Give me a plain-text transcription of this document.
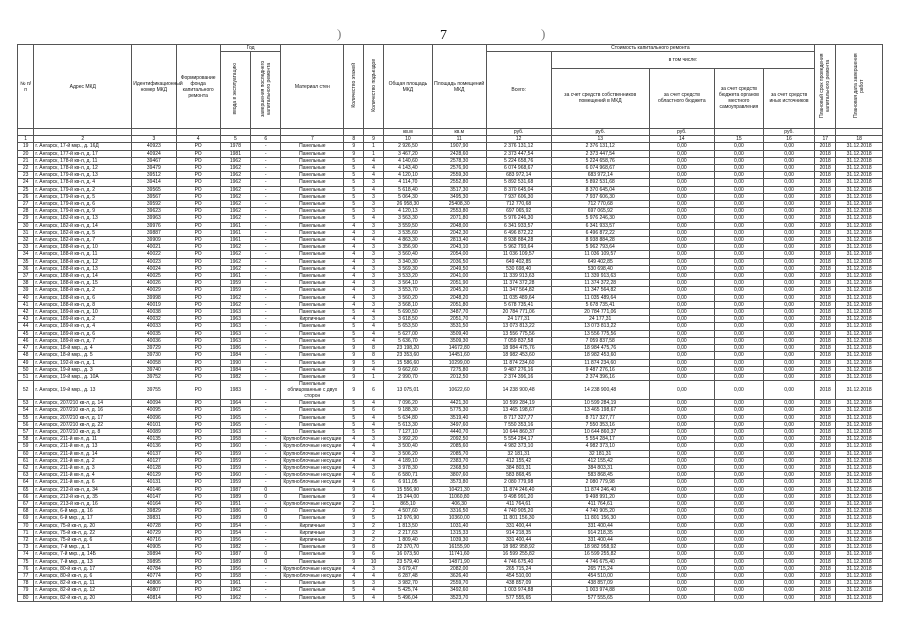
)	7	)
№ п/п	Адрес МКД	Идентификационный номер МКД	Формирование фонда капитального ремонта	Год		Материал стен	Количество этажей	Количество подъездов	Общая площадь МКД	Площадь помещений МКД	Стоимость капитального ремонта					Плановый срок проведения капитального ремонта	Плановая дата завершения работ
				ввода в эксплуатацию	завершения последнего капитального ремонта						Всего:	в том числе:					
												за счет средств собственников помещений в МКД	за счет средств областного бюджета	за счет средств бюджета органов местного самоуправления	за счет средств иных источников		
									кв.м	кв.м	руб.	руб.	руб.		руб.		
1	2	3	4	5	6	7	8	9	10	11	12	13	14	15	16	17	18
19	г. Ангарск, 17-й мкр., д. 16Д	40923	РО	1978	-	Панельные	9	1	2 926,50	1907,90	2 376 131,12	2 376 131,12	0,00	0,00	0,00	2018	31.12.2018
20	г. Ангарск, 177-й кв-л, д. 17	40924	РО	1981	-	Панельные	9	1	3 467,20	2428,60	2 373 447,54	2 373 447,54	0,00	0,00	0,00	2018	31.12.2018
21	г. Ангарск, 178-й кв-л, д. 11	39467	РО	1962	-	Панельные	5	4	4 140,60	2578,30	5 224 658,76	5 224 658,76	0,00	0,00	0,00	2018	31.12.2018
22	г. Ангарск, 178-й кв-л, д. 12	39479	РО	1962	-	Панельные	5	4	4 143,40	2576,90	6 074 968,67	6 074 968,67	0,00	0,00	0,00	2018	31.12.2018
23	г. Ангарск, 179-й кв-л, д. 13	39512	РО	1962	-	Панельные	5	4	4 120,10	2559,30	683 972,14	683 972,14	0,00	0,00	0,00	2018	31.12.2018
24	г. Ангарск, 178-й кв-л, д. 4	39414	РО	1962	-	Панельные	5	3	4 114,70	2552,80	5 892 531,68	5 892 531,68	0,00	0,00	0,00	2018	31.12.2018
25	г. Ангарск, 179-й кв-л, д. 2	39565	РО	1962	-	Панельные	5	4	5 618,40	3517,30	8 370 645,04	8 370 645,04	0,00	0,00	0,00	2018	31.12.2018
26	г. Ангарск, 179-й кв-л, д. 5	39567	РО	1962	-	Панельные	5	3	5 064,30	3495,30	7 937 606,30	7 937 606,30	0,00	0,00	0,00	2018	31.12.2018
27	г. Ангарск, 179-й кв-л, д. 6	39592	РО	1962	-	Панельные	5	3	26 958,30	25408,30	712 770,68	712 770,68	0,00	0,00	0,00	2018	31.12.2018
28	г. Ангарск, 179-й кв-л, д. 9	39623	РО	1962	-	Панельные	5	3	4 120,13	2553,80	697 065,92	697 065,92	0,00	0,00	0,00	2018	31.12.2018
29	г. Ангарск, 182-й кв-л, д. 13	39963	РО	1962	-	Панельные	5	4	3 563,30	2071,80	5 976 246,30	5 976 246,30	0,00	0,00	0,00	2018	31.12.2018
30	г. Ангарск, 182-й кв-л, д. 14	39976	РО	1961	-	Панельные	4	3	3 559,50	2048,00	6 341 933,57	6 341 933,57	0,00	0,00	0,00	2018	31.12.2018
31	г. Ангарск, 182-й кв-л, д. 5	39887	РО	1961	-	Панельные	4	3	3 535,60	2042,30	6 496 872,22	6 496 872,22	0,00	0,00	0,00	2018	31.12.2018
32	г. Ангарск, 182-й кв-л, д. 7	39909	РО	1961	-	Панельные	4	4	4 863,30	2813,40	8 938 884,28	8 938 884,28	0,00	0,00	0,00	2018	31.12.2018
33	г. Ангарск, 188-й кв-л, д. 10	40021	РО	1962	-	Панельные	4	3	3 356,90	2043,10	5 962 793,64	5 962 793,64	0,00	0,00	0,00	2018	31.12.2018
34	г. Ангарск, 188-й кв-л, д. 11	40022	РО	1962	-	Панельные	4	3	3 560,40	2054,00	11 036 109,57	11 036 109,57	0,00	0,00	0,00	2018	31.12.2018
35	г. Ангарск, 188-й кв-л, д. 12	40023	РО	1962	-	Панельные	4	3	3 340,30	2036,50	649 402,85	649 402,85	0,00	0,00	0,00	2018	31.12.2018
36	г. Ангарск, 188-й кв-л, д. 13	40024	РО	1962	-	Панельные	4	3	3 569,30	2049,50	530 698,40	530 698,40	0,00	0,00	0,00	2018	31.12.2018
37	г. Ангарск, 188-й кв-л, д. 14	40025	РО	1961	-	Панельные	4	3	3 533,20	2041,00	11 339 913,63	11 339 913,63	0,00	0,00	0,00	2018	31.12.2018
38	г. Ангарск, 188-й кв-л, д. 15	40026	РО	1959	-	Панельные	4	3	3 564,10	2051,90	11 374 372,28	11 374 372,28	0,00	0,00	0,00	2018	31.12.2018
39	г. Ангарск, 188-й кв-л, д. 2	40029	РО	1959	-	Панельные	4	3	3 553,70	2045,20	11 347 564,82	11 347 564,82	0,00	0,00	0,00	2018	31.12.2018
40	г. Ангарск, 188-й кв-л, д. 6	39998	РО	1962	-	Панельные	4	3	3 560,20	2048,20	11 035 489,64	11 035 489,64	0,00	0,00	0,00	2018	31.12.2018
41	г. Ангарск, 188-й кв-л, д. 8	40019	РО	1962	-	Панельные	4	3	3 568,10	2051,80	5 678 735,41	5 678 735,41	0,00	0,00	0,00	2018	31.12.2018
42	г. Ангарск, 189-й кв-л, д. 10	40038	РО	1963	-	Панельные	5	4	5 690,50	3487,70	20 784 771,06	20 784 771,06	0,00	0,00	0,00	2018	31.12.2018
43	г. Ангарск, 189-й кв-л, д. 2	40032	РО	1963	-	Кирпичные	4	3	3 618,50	2051,70	24 177,31	24 177,31	0,00	0,00	0,00	2018	31.12.2018
44	г. Ангарск, 189-й кв-л, д. 4	40033	РО	1963	-	Панельные	5	4	5 653,50	3531,50	13 073 813,22	13 073 813,22	0,00	0,00	0,00	2018	31.12.2018
45	г. Ангарск, 189-й кв-л, д. 6	40035	РО	1963	-	Панельные	5	4	5 627,00	3509,40	13 556 775,56	13 556 775,56	0,00	0,00	0,00	2018	31.12.2018
46	г. Ангарск, 189-й кв-л, д. 7	40036	РО	1963	-	Панельные	5	4	5 636,70	3509,30	7 059 837,58	7 059 837,58	0,00	0,00	0,00	2018	31.12.2018
47	г. Ангарск, 18-й мкр., д. 4	39729	РО	1986	-	Панельные	9	8	23 198,20	14672,80	18 984 475,76	18 984 475,76	0,00	0,00	0,00	2018	31.12.2018
48	г. Ангарск, 18-й мкр., д. 5	39730	РО	1984	-	Панельные	9	8	23 353,60	14451,60	18 982 453,60	18 982 453,60	0,00	0,00	0,00	2018	31.12.2018
49	г. Ангарск, 192-й кв-л, д. 1	40058	РО	1990	-	Панельные	9	5	15 586,60	10299,00	11 874 234,60	11 874 234,60	0,00	0,00	0,00	2018	31.12.2018
50	г. Ангарск, 19-й мкр., д. 3	39740	РО	1984	-	Панельные	9	4	9 662,60	7275,80	9 487 276,16	9 487 276,16	0,00	0,00	0,00	2018	31.12.2018
51	г. Ангарск, 19-й мкр., д. 10А	39752	РО	1982	-	Панельные	9	1	2 990,70	2012,50	2 374 396,16	2 374 396,16	0,00	0,00	0,00	2018	31.12.2018
52	г. Ангарск, 19-й мкр., д. 13	39755	РО	1983	-	Панельные облицованные с двух сторон	9	6	13 075,01	10622,60	14 238 900,48	14 238 900,48	0,00	0,00	0,00	2018	31.12.2018
53	г. Ангарск, 207/210 кв-л, д. 14	40094	РО	1964	-	Панельные	5	4	7 096,20	4421,30	10 599 284,19	10 599 284,19	0,00	0,00	0,00	2018	31.12.2018
54	г. Ангарск, 207/210 кв-л, д. 16	40095	РО	1965	-	Панельные	5	6	9 188,30	5775,30	13 465 198,67	13 465 198,67	0,00	0,00	0,00	2018	31.12.2018
55	г. Ангарск, 207/210 кв-л, д. 17	40096	РО	1965	-	Панельные	5	4	5 634,80	3519,40	8 717 327,77	8 717 327,77	0,00	0,00	0,00	2018	31.12.2018
56	г. Ангарск, 207/210 кв-л, д. 22	40101	РО	1965	-	Панельные	5	4	5 613,30	3497,60	7 550 353,16	7 550 353,16	0,00	0,00	0,00	2018	31.12.2018
57	г. Ангарск, 207/210 кв-л, д. 8	40089	РО	1963	-	Панельные	5	5	7 127,10	4440,70	10 644 860,37	10 644 860,37	0,00	0,00	0,00	2018	31.12.2018
58	г. Ангарск, 211-й кв-л, д. 11	40135	РО	1958	-	Крупноблочные несущие	4	3	3 992,20	2092,50	5 554 284,17	5 554 284,17	0,00	0,00	0,00	2018	31.12.2018
59	г. Ангарск, 211-й кв-л, д. 13	40136	РО	1960	-	Крупноблочные несущие	4	4	3 500,40	2085,60	4 982 373,10	4 982 373,10	0,00	0,00	0,00	2018	31.12.2018
60	г. Ангарск, 211-й кв-л, д. 14	40137	РО	1959	-	Крупноблочные несущие	4	3	3 506,20	2085,70	32 181,31	32 181,31	0,00	0,00	0,00	2018	31.12.2018
61	г. Ангарск, 211-й кв-л, д. 2	40127	РО	1959	-	Крупноблочные несущие	4	4	4 189,10	2383,70	412 155,42	412 155,42	0,00	0,00	0,00	2018	31.12.2018
62	г. Ангарск, 211-й кв-л, д. 3	40128	РО	1959	-	Крупноблочные несущие	4	3	3 978,30	2368,50	384 803,31	384 803,31	0,00	0,00	0,00	2018	31.12.2018
63	г. Ангарск, 211-й кв-л, д. 4	40129	РО	1960	-	Крупноблочные несущие	4	6	6 580,71	3807,60	583 868,45	583 868,45	0,00	0,00	0,00	2018	31.12.2018
64	г. Ангарск, 211-й кв-л, д. 6	40131	РО	1959	-	Крупноблочные несущие	4	6	6 911,05	3573,80	2 080 779,98	2 080 779,98	0,00	0,00	0,00	2018	31.12.2018
65	г. Ангарск, 212-й кв-л, д. 34	40146	РО	1987	0	Панельные	9	6	15 556,90	10421,30	11 874 246,40	11 874 246,40	0,00	0,00	0,00	2018	31.12.2018
66	г. Ангарск, 212-й кв-л, д. 35	40147	РО	1989	0	Панельные	9	4	15 244,00	11060,80	9 498 991,20	9 498 991,20	0,00	0,00	0,00	2018	31.12.2018
67	г. Ангарск, 213-й кв-л, д. 16	40164	РО	1951	-	Крупноблочные несущие	2	1	865,10	406,30	411 764,61	411 764,61	0,00	0,00	0,00	2018	31.12.2018
68	г. Ангарск, 6-й мкр., д. 16	39829	РО	1986	0	Панельные	9	2	4 507,60	3316,50	4 740 905,20	4 740 905,20	0,00	0,00	0,00	2018	31.12.2018
69	г. Ангарск, 6-й мкр., д. 17	39831	РО	1989	0	Панельные	9	5	12 976,90	10360,00	11 801 156,30	11 801 156,30	0,00	0,00	0,00	2018	31.12.2018
70	г. Ангарск, 75-й кв-л, д. 20	40728	РО	1954	-	Кирпичные	3	2	1 813,50	1031,40	331 400,44	331 400,44	0,00	0,00	0,00	2018	31.12.2018
71	г. Ангарск, 75-й кв-л, д. 22	40729	РО	1954	-	Кирпичные	3	2	2 217,63	1315,33	914 218,35	914 218,35	0,00	0,00	0,00	2018	31.12.2018
72	г. Ангарск, 75-й кв-л, д. 6	40716	РО	1956	-	Кирпичные	3	2	1 809,40	1039,30	331 400,44	331 400,44	0,00	0,00	0,00	2018	31.12.2018
73	г. Ангарск, 7-й мкр., д. 1	40905	РО	1982	-	Панельные	9	8	22 370,70	16155,90	18 982 958,92	18 982 958,92	0,00	0,00	0,00	2018	31.12.2018
74	г. Ангарск, 7-й мкр., д. 14Б	39894	РО	1987	0	Панельные	9	6	16 073,50	11741,60	16 599 255,82	16 599 255,82	0,00	0,00	0,00	2018	31.12.2018
75	г. Ангарск, 7-й мкр., д. 13	39895	РО	1989	0	Панельные	9	10	23 579,40	14871,90	4 746 675,40	4 746 675,40	0,00	0,00	0,00	2018	31.12.2018
76	г. Ангарск, 80-й кв-л, д. 17	40784	РО	1956	-	Крупноблочные несущие	4	3	3 679,47	2082,00	265 715,24	265 715,24	0,00	0,00	0,00	2018	31.12.2018
77	г. Ангарск, 80-й кв-л, д. 6	40774	РО	1958	-	Крупноблочные несущие	4	4	6 287,48	3626,40	454 510,00	454 510,00	0,00	0,00	0,00	2018	31.12.2018
78	г. Ангарск, 82-й кв-л, д. 11	40806	РО	1961	-	Панельные	5	3	3 982,70	2559,70	438 857,09	438 857,09	0,00	0,00	0,00	2018	31.12.2018
79	г. Ангарск, 82-й кв-л, д. 12	40807	РО	1962	-	Панельные	5	4	5 425,74	3492,60	1 003 974,88	1 003 974,88	0,00	0,00	0,00	2018	31.12.2018
80	г. Ангарск, 82-й кв-л, д. 20	40814	РО	1962	-	Панельные	5	4	5 496,04	3523,70	577 555,65	577 555,65	0,00	0,00	0,00	2018	31.12.2018
